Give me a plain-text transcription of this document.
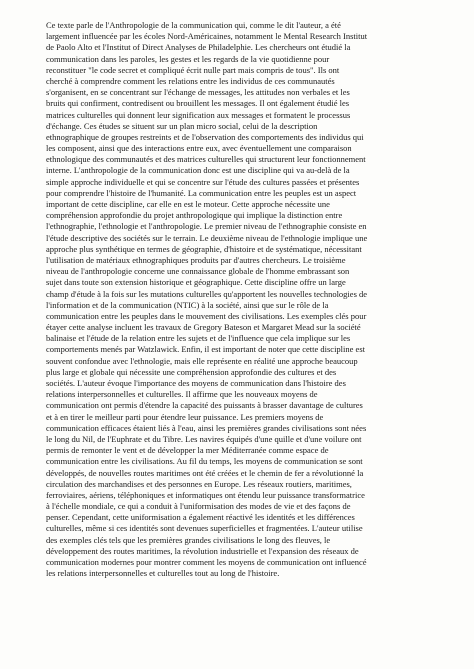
Ce texte parle de l'Anthropologie de la communication qui, comme le dit l'auteur, a été
largement influencée par les écoles Nord-Américaines, notamment le Mental Research Institut
de Paolo Alto et l'Institut of Direct Analyses de Philadelphie. Les chercheurs ont étudié la
communication dans les paroles, les gestes et les regards de la vie quotidienne pour
reconstituer "le code secret et compliqué écrit nulle part mais compris de tous". Ils ont
cherché à comprendre comment les relations entre les individus de ces communautés
s'organisent, en se concentrant sur l'échange de messages, les attitudes non verbales et les
bruits qui confirment, contredisent ou brouillent les messages. Il ont également étudié les
matrices culturelles qui donnent leur signification aux messages et formatent le processus
d'échange. Ces études se situent sur un plan micro social, celui de la description
ethnographique de groupes restreints et de l'observation des comportements des individus qui
les composent, ainsi que des interactions entre eux, avec éventuellement une comparaison
ethnologique des communautés et des matrices culturelles qui structurent leur fonctionnement
interne. L'anthropologie de la communication donc est une discipline qui va au-delà de la
simple approche individuelle et qui se concentre sur l'étude des cultures passées et présentes
pour comprendre l'histoire de l'humanité. La communication entre les peuples est un aspect
important de cette discipline, car elle en est le moteur. Cette approche nécessite une
compréhension approfondie du projet anthropologique qui implique la distinction entre
l'ethnographie, l'ethnologie et l'anthropologie. Le premier niveau de l'ethnographie consiste en
l'étude descriptive des sociétés sur le terrain. Le deuxième niveau de l'ethnologie implique une
approche plus synthétique en termes de géographie, d'histoire et de systématique, nécessitant
l'utilisation de matériaux ethnographiques produits par d'autres chercheurs. Le troisième
niveau de l'anthropologie concerne une connaissance globale de l'homme embrassant son
sujet dans toute son extension historique et géographique. Cette discipline offre un large
champ d'étude à la fois sur les mutations culturelles qu'apportent les nouvelles technologies de
l'information et de la communication (NTIC) à la société, ainsi que sur le rôle de la
communication entre les peuples dans le mouvement des civilisations. Les exemples clés pour
étayer cette analyse incluent les travaux de Gregory Bateson et Margaret Mead sur la société
balinaise et l'étude de la relation entre les sujets et de l'influence que cela implique sur les
comportements menés par Watzlawick. Enfin, il est important de noter que cette discipline est
souvent confondue avec l'ethnologie, mais elle représente en réalité une approche beaucoup
plus large et globale qui nécessite une compréhension approfondie des cultures et des
sociétés. L'auteur évoque l'importance des moyens de communication dans l'histoire des
relations interpersonnelles et culturelles. Il affirme que les nouveaux moyens de
communication ont permis d'étendre la capacité des puissants à brasser davantage de cultures
et à en tirer le meilleur parti pour étendre leur puissance. Les premiers moyens de
communication efficaces étaient liés à l'eau, ainsi les premières grandes civilisations sont nées
le long du Nil, de l'Euphrate et du Tibre. Les navires équipés d'une quille et d'une voilure ont
permis de remonter le vent et de développer la mer Méditerranée comme espace de
communication entre les civilisations. Au fil du temps, les moyens de communication se sont
développés, de nouvelles routes maritimes ont été créées et le chemin de fer a révolutionné la
circulation des marchandises et des personnes en Europe. Les réseaux routiers, maritimes,
ferroviaires, aériens, téléphoniques et informatiques ont étendu leur puissance transformatrice
à l'échelle mondiale, ce qui a conduit à l'uniformisation des modes de vie et des façons de
penser. Cependant, cette uniformisation a également réactivé les identités et les différences
culturelles, même si ces identités sont devenues superficielles et fragmentées. L'auteur utilise
des exemples clés tels que les premières grandes civilisations le long des fleuves, le
développement des routes maritimes, la révolution industrielle et l'expansion des réseaux de
communication modernes pour montrer comment les moyens de communication ont influencé
les relations interpersonnelles et culturelles tout au long de l'histoire.
